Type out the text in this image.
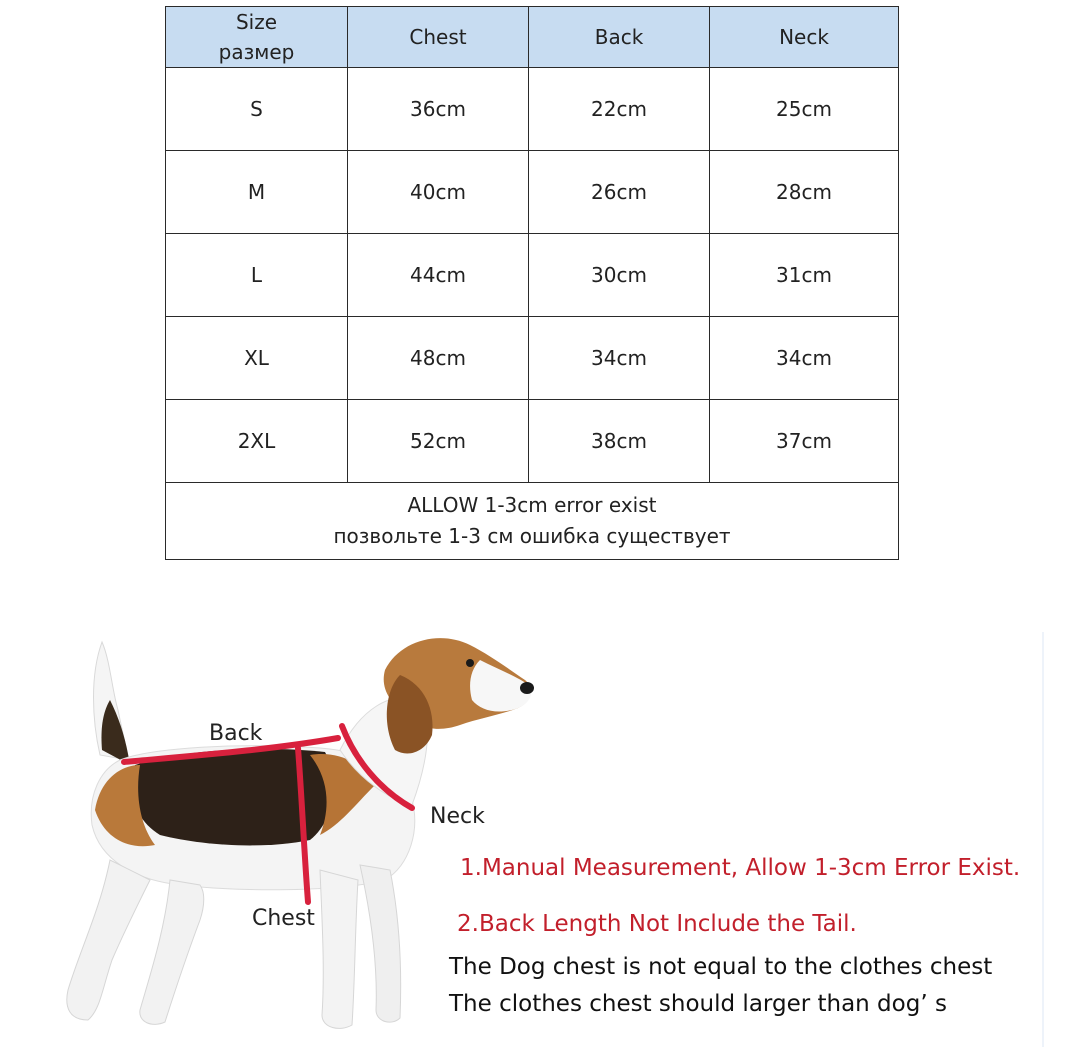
Size
размер	Chest	Back	Neck
S	36cm	22cm	25cm
M	40cm	26cm	28cm
L	44cm	30cm	31cm
XL	48cm	34cm	34cm
2XL	52cm	38cm	37cm

ALLOW 1-3cm error exist
позвольте 1-3 см ошибка существует			
Back
Neck
Chest
1.Manual Measurement, Allow 1-3cm Error Exist.
2.Back Length Not Include the Tail.
The Dog chest is not equal to the clothes chest
The clothes chest should larger than dog’ s
